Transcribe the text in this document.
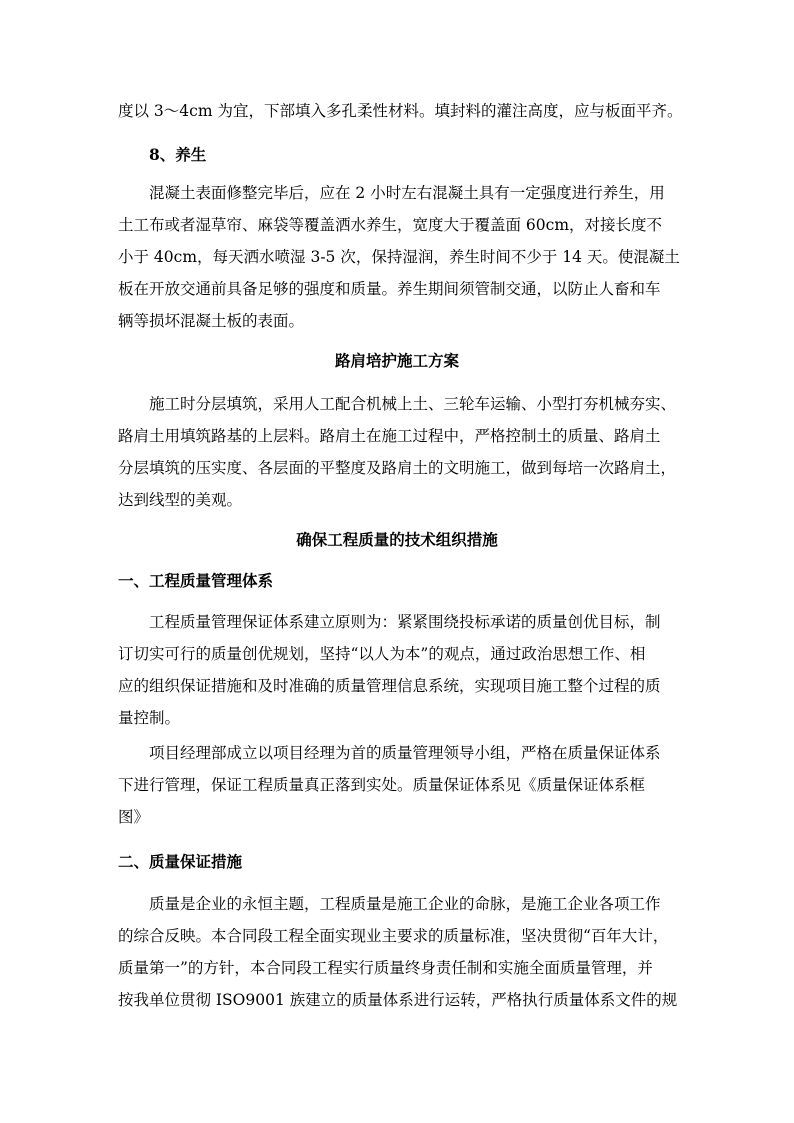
度以 3～4cm 为宜，下部填入多孔柔性材料。填封料的灌注高度，应与板面平齐。
8、养生
混凝土表面修整完毕后，应在 2 小时左右混凝土具有一定强度进行养生，用
土工布或者湿草帘、麻袋等覆盖洒水养生，宽度大于覆盖面 60cm，对接长度不
小于 40cm，每天洒水喷湿 3-5 次，保持湿润，养生时间不少于 14 天。使混凝土
板在开放交通前具备足够的强度和质量。养生期间须管制交通，以防止人畜和车
辆等损坏混凝土板的表面。
路肩培护施工方案
施工时分层填筑，采用人工配合机械上土、三轮车运输、小型打夯机械夯实、
路肩土用填筑路基的上层料。路肩土在施工过程中，严格控制土的质量、路肩土
分层填筑的压实度、各层面的平整度及路肩土的文明施工，做到每培一次路肩土，
达到线型的美观。
确保工程质量的技术组织措施
一、工程质量管理体系
工程质量管理保证体系建立原则为：紧紧围绕投标承诺的质量创优目标，制
订切实可行的质量创优规划，坚持“以人为本”的观点，通过政治思想工作、相
应的组织保证措施和及时准确的质量管理信息系统，实现项目施工整个过程的质
量控制。
项目经理部成立以项目经理为首的质量管理领导小组，严格在质量保证体系
下进行管理，保证工程质量真正落到实处。质量保证体系见《质量保证体系框
图》
二、质量保证措施
质量是企业的永恒主题，工程质量是施工企业的命脉，是施工企业各项工作
的综合反映。本合同段工程全面实现业主要求的质量标准，坚决贯彻“百年大计，
质量第一”的方针，本合同段工程实行质量终身责任制和实施全面质量管理，并
按我单位贯彻 ISO9001 族建立的质量体系进行运转，严格执行质量体系文件的规
